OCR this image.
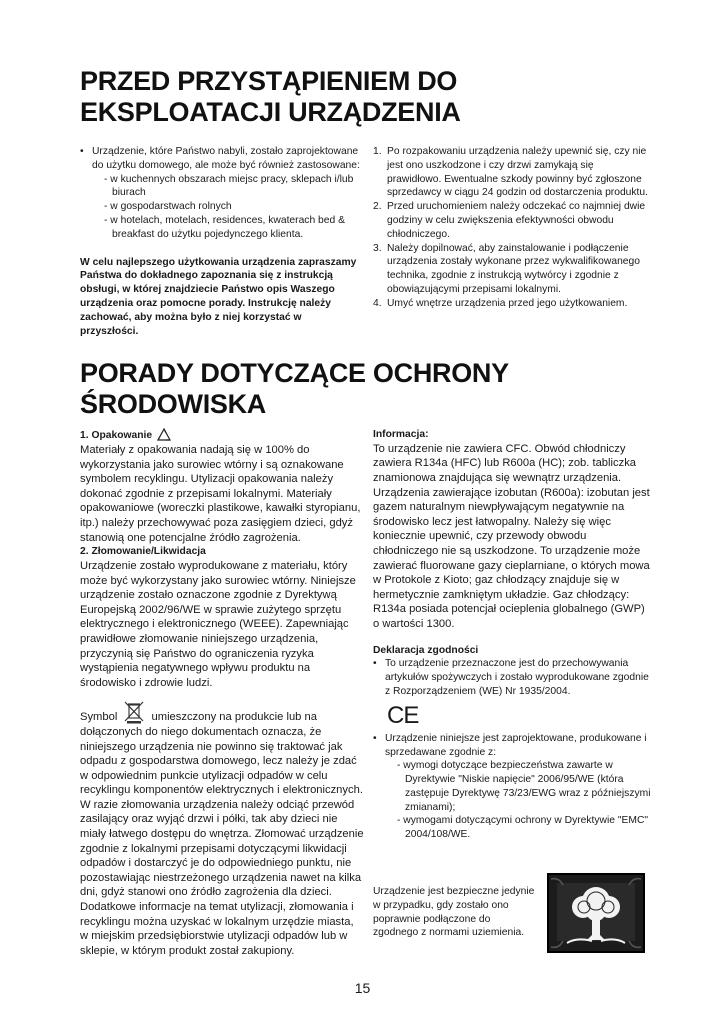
PRZED PRZYSTĄPIENIEM DO
EKSPLOATACJI URZĄDZENIA
• Urządzenie, które Państwo nabyli, zostało zaprojektowane do użytku domowego, ale może być również zastosowane:

- w kuchennych obszarach miejsc pracy, sklepach i/lub biurach

- w gospodarstwach rolnych

- w hotelach, motelach, residences, kwaterach bed & breakfast do użytku pojedynczego klienta.

W celu najlepszego użytkowania urządzenia zapraszamy Państwa do dokładnego zapoznania się z instrukcją obsługi, w której znajdziecie Państwo opis Waszego urządzenia oraz pomocne porady. Instrukcję należy zachować, aby można było z niej korzystać w przyszłości.

1. Po rozpakowaniu urządzenia należy upewnić się, czy nie jest ono uszkodzone i czy drzwi zamykają się prawidłowo. Ewentualne szkody powinny być zgłoszone sprzedawcy w ciągu 24 godzin od dostarczenia produktu.

2. Przed uruchomieniem należy odczekać co najmniej dwie godziny w celu zwiększenia efektywności obwodu chłodniczego.

3. Należy dopilnować, aby zainstalowanie i podłączenie urządzenia zostały wykonane przez wykwalifikowanego technika, zgodnie z instrukcją wytwórcy i zgodnie z obowiązującymi przepisami lokalnymi.

4. Umyć wnętrze urządzenia przed jego użytkowaniem.

PORADY DOTYCZĄCE OCHRONY
ŚRODOWISKA

1. Opakowanie

Materiały z opakowania nadają się w 100% do wykorzystania jako surowiec wtórny i są oznakowane symbolem recyklingu. Utylizacji opakowania należy dokonać zgodnie z przepisami lokalnymi. Materiały opakowaniowe (woreczki plastikowe, kawałki styropianu, itp.) należy przechowywać poza zasięgiem dzieci, gdyż stanowią one potencjalne źródło zagrożenia.

2. Złomowanie/Likwidacja

Urządzenie zostało wyprodukowane z materiału, który może być wykorzystany jako surowiec wtórny. Niniejsze urządzenie zostało oznaczone zgodnie z Dyrektywą Europejską 2002/96/WE w sprawie zużytego sprzętu elektrycznego i elektronicznego (WEEE). Zapewniając prawidłowe złomowanie niniejszego urządzenia, przyczynią się Państwo do ograniczenia ryzyka wystąpienia negatywnego wpływu produktu na środowisko i zdrowie ludzi.

Symbol	umieszczony na produkcie lub na dołączonych do niego dokumentach oznacza, że niniejszego urządzenia nie powinno się traktować jak odpadu z gospodarstwa domowego, lecz należy je zdać w odpowiednim punkcie utylizacji odpadów w celu recyklingu komponentów elektrycznych i elektronicznych. W razie złomowania urządzenia należy odciąć przewód zasilający oraz wyjąć drzwi i półki, tak aby dzieci nie miały łatwego dostępu do wnętrza. Złomować urządzenie zgodnie z lokalnymi przepisami dotyczącymi likwidacji odpadów i dostarczyć je do odpowiedniego punktu, nie pozostawiając niestrzeżonego urządzenia nawet na kilka dni, gdyż stanowi ono źródło zagrożenia dla dzieci. Dodatkowe informacje na temat utylizacji, złomowania i recyklingu można uzyskać w lokalnym urzędzie miasta, w miejskim przedsiębiorstwie utylizacji odpadów lub w sklepie, w którym produkt został zakupiony.

Informacja:

To urządzenie nie zawiera CFC. Obwód chłodniczy zawiera R134a (HFC) lub R600a (HC); zob. tabliczka znamionowa znajdująca się wewnątrz urządzenia. Urządzenia zawierające izobutan (R600a): izobutan jest gazem naturalnym niewpływającym negatywnie na środowisko lecz jest łatwopalny. Należy się więc koniecznie upewnić, czy przewody obwodu chłodniczego nie są uszkodzone. To urządzenie może zawierać fluorowane gazy cieplarniane, o których mowa w Protokole z Kioto; gaz chłodzący znajduje się w hermetycznie zamkniętym układzie. Gaz chłodzący: R134a posiada potencjał ocieplenia globalnego (GWP) o wartości 1300.

Deklaracja zgodności

• To urządzenie przeznaczone jest do przechowywania artykułów spożywczych i zostało wyprodukowane zgodnie z Rozporządzeniem (WE) Nr 1935/2004.

CE
• Urządzenie niniejsze jest zaprojektowane, produkowane i sprzedawane zgodnie z:

- wymogi dotyczące bezpieczeństwa zawarte w Dyrektywie "Niskie napięcie" 2006/95/WE (która zastępuje Dyrektywę 73/23/EWG wraz z późniejszymi zmianami);

- wymogami dotyczącymi ochrony w Dyrektywie "EMC" 2004/108/WE.

Urządzenie jest bezpieczne jedynie w przypadku, gdy zostało ono poprawnie podłączone do zgodnego z normami uziemienia.

15
